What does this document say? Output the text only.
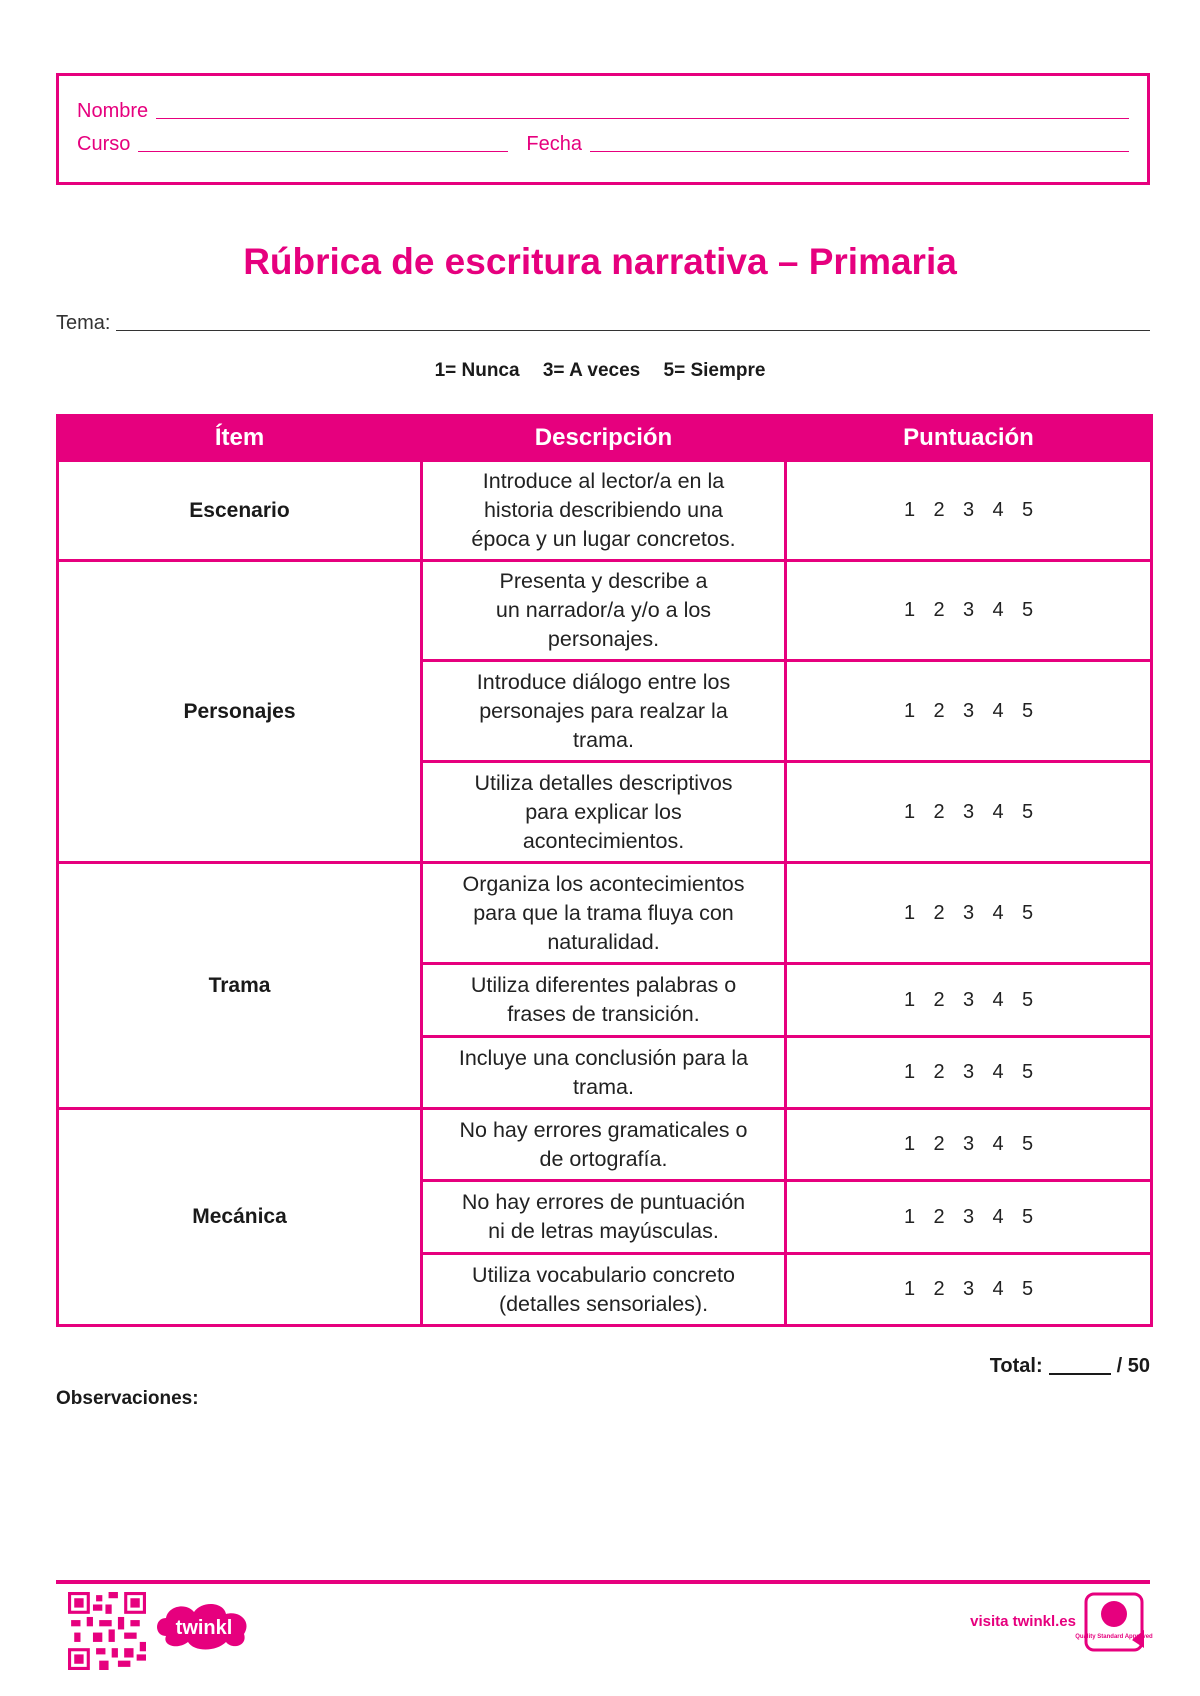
Nombre
Curso	Fecha
Rúbrica de escritura narrativa – Primaria
Tema:
1= Nunca 3= A veces 5= Siempre
Ítem	Descripción	Puntuación
Escenario	Introduce al lector/a en la
historia describiendo una
época y un lugar concretos.	1 2 3 4 5
Personajes	Presenta y describe a
un narrador/a y/o a los
personajes.	1 2 3 4 5

	Introduce diálogo entre los
personajes para realzar la
trama.	1 2 3 4 5

	Utiliza detalles descriptivos
para explicar los
acontecimientos.	1 2 3 4 5
Trama	Organiza los acontecimientos
para que la trama fluya con
naturalidad.	1 2 3 4 5

	Utiliza diferentes palabras o
frases de transición.	1 2 3 4 5

	Incluye una conclusión para la
trama.	1 2 3 4 5
Mecánica	No hay errores gramaticales o
de ortografía.	1 2 3 4 5

	No hay errores de puntuación
ni de letras mayúsculas.	1 2 3 4 5

	Utiliza vocabulario concreto
(detalles sensoriales).	1 2 3 4 5
Total:	/ 50
Observaciones:
twinkl	visita twinkl.es
Quality Standard Approved
